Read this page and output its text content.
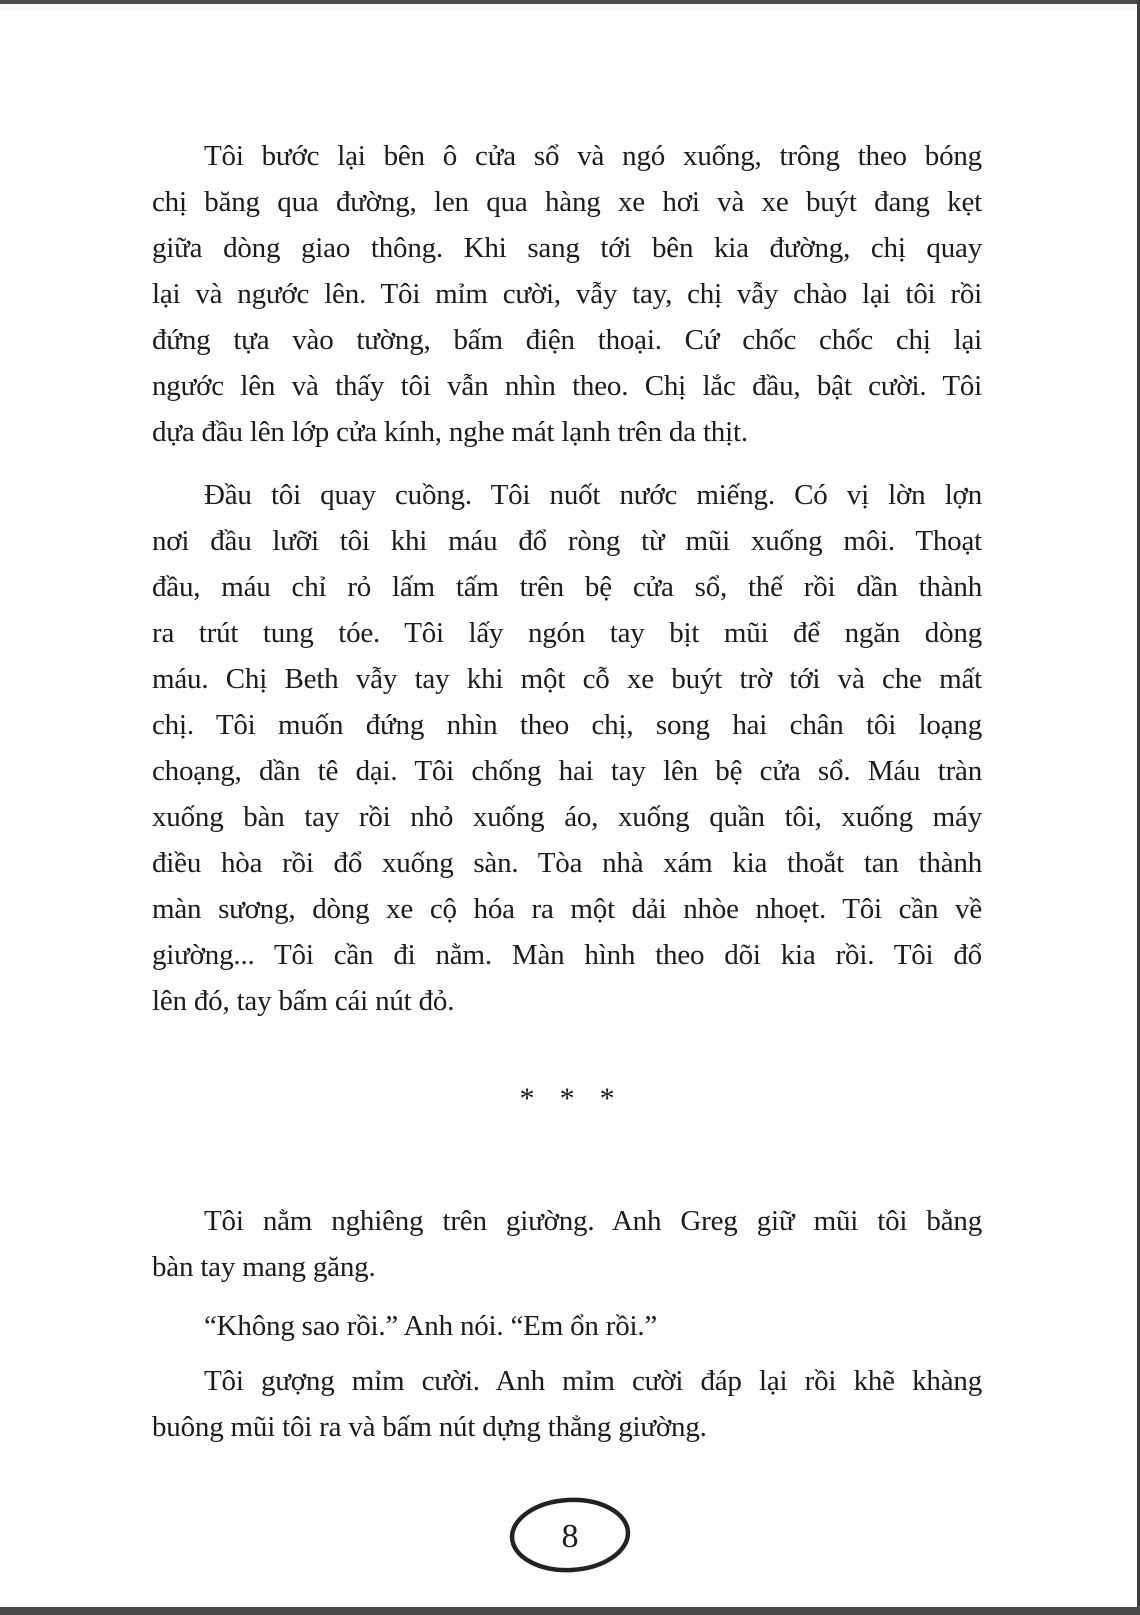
Tôi bước lại bên ô cửa sổ và ngó xuống, trông theo bóng
chị băng qua đường, len qua hàng xe hơi và xe buýt đang kẹt
giữa dòng giao thông. Khi sang tới bên kia đường, chị quay
lại và ngước lên. Tôi mỉm cười, vẫy tay, chị vẫy chào lại tôi rồi
đứng tựa vào tường, bấm điện thoại. Cứ chốc chốc chị lại
ngước lên và thấy tôi vẫn nhìn theo. Chị lắc đầu, bật cười. Tôi
dựa đầu lên lớp cửa kính, nghe mát lạnh trên da thịt.
Đầu tôi quay cuồng. Tôi nuốt nước miếng. Có vị lờn lợn
nơi đầu lưỡi tôi khi máu đổ ròng từ mũi xuống môi. Thoạt
đầu, máu chỉ rỏ lấm tấm trên bệ cửa sổ, thế rồi dần thành
ra trút tung tóe. Tôi lấy ngón tay bịt mũi để ngăn dòng
máu. Chị Beth vẫy tay khi một cỗ xe buýt trờ tới và che mất
chị. Tôi muốn đứng nhìn theo chị, song hai chân tôi loạng
choạng, dần tê dại. Tôi chống hai tay lên bệ cửa sổ. Máu tràn
xuống bàn tay rồi nhỏ xuống áo, xuống quần tôi, xuống máy
điều hòa rồi đổ xuống sàn. Tòa nhà xám kia thoắt tan thành
màn sương, dòng xe cộ hóa ra một dải nhòe nhoẹt. Tôi cần về
giường... Tôi cần đi nằm. Màn hình theo dõi kia rồi. Tôi đổ
lên đó, tay bấm cái nút đỏ.
* * *
Tôi nằm nghiêng trên giường. Anh Greg giữ mũi tôi bằng
bàn tay mang găng.
“Không sao rồi.” Anh nói. “Em ổn rồi.”
Tôi gượng mỉm cười. Anh mỉm cười đáp lại rồi khẽ khàng
buông mũi tôi ra và bấm nút dựng thẳng giường.
8
